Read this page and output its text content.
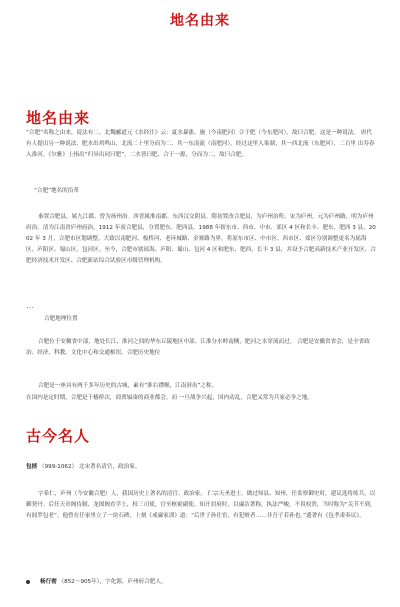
地名由来
地名由来
“合肥”名称之由来，说法有二。北魏郦道元《水经注》云：夏水暴涨，施（今南肥河）合于肥（今东肥河），故曰合肥。这是一种说法。 唐代有人提出另一种说法，肥水出鸡鸣山，北流二十里分而为二，其一东南流（南肥河），经过这里入巢湖；其一西北流（东肥河），二百里 出寿春入淮河。《尔雅》上指出“归异出同曰肥”，二水皆曰肥，合于一源，分而为二，故曰合肥。
“合肥”地名的沿革
秦置合肥县，属九江郡。曾为扬州治。西晋属淮南郡。东西汉交阴县。隋初置改合肥县，为庐州治所。宋为庐州，元为庐州路，明为庐州 府治。清为江南省庐州府治，1912 年废合肥县，分置肥东、肥西县。1988 年辖东市、西市、中市、郊区 4 区和长丰、肥东、肥西 3 县。2002 年 3 月，合肥市区划调整，大致以南肥河、板桥河、老环城路、金寨路为界，将原东市区、中市区、西市区、郊区分别调整更名为瑶海区、庐阳区、蜀山区、包河区。至今，合肥市辖瑶海、庐阳、蜀山、包河 4 区和肥东、肥西、长丰 3 县，并设予合肥高新技术产业开发区、合肥经济技术开发区、合肥新站综合试验区市级管理机构。
…
合肥地理位置
合肥位于安徽省中部，地处长江、淮河之间的华东丘陵地区中部。江淮分水岭南侧，肥河之水穿流而过。 合肥是安徽省省会，是全省政治、经济、科教、文化中心和交通枢纽。合肥历史地位
合肥是一座具有两千多年历史的古城，素有“淮右襟喉，江南唇齿”之称。
在国内是定时期，合肥是千樯桥次，商贾辐凑的商业都会。而 一旦战争兴起，国内动乱，合肥又常为兵家必争之地。
古今名人
包拯 （999-1062） 北宋著名清官，政治家。
字希仁，庐州（今安徽合肥）人，我国历史上著名的清官、政治家。 仁宗天圣进士。做过知县、知州，任监察御史时，建议选将练兵，以御契丹。后任天章阁待制、龙图阁直学士，权三司使，官至枢密副使。知开封府时，以廉洁著称，执法严峻，不畏权贵，当时称为“关节不到，有阎罗包老”。他曾在任家里立了一块石碑，上刻《戒廉家训》道：“后世子孙仕宦，有犯赃者……非吾子若孙也。”遗著有《包孝肃奏议》。
杨行密 （852～905年），字化源，庐州府合肥人。
